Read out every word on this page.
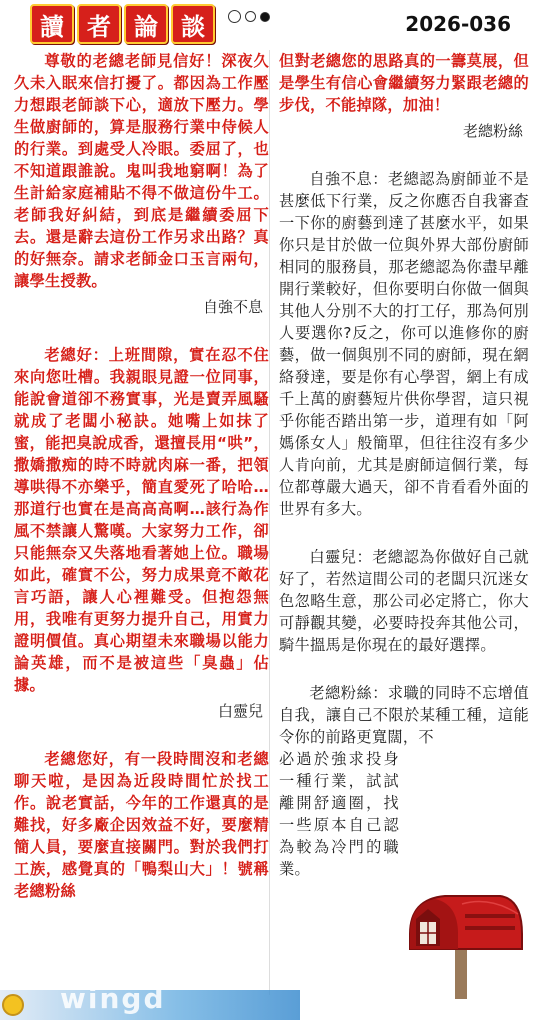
讀 者 論 談	2026-036

尊敬的老總老師見信好！深夜久久未入眠來信打擾了。都因為工作壓力想跟老師談下心，適放下壓力。學生做廚師的，算是服務行業中侍候人的行業。到處受人冷眼。委屈了，也不知道跟誰說。鬼叫我地窮啊！為了生計給家庭補貼不得不做這份牛工。老師我好糾結，到底是繼續委屈下去。還是辭去這份工作另求出路？真的好無奈。請求老師金口玉言兩句，讓學生授教。

自強不息

老總好：上班間隙，實在忍不住來向您吐槽。我親眼見證一位同事，能說會道卻不務實事，光是賣弄風騷就成了老闆小秘訣。她嘴上如抹了蜜，能把臭說成香，還擅長用“哄”，撒嬌撒痴的時不時就肉麻一番，把領導哄得不亦樂乎，簡直愛死了哈哈…那道行也實在是高高高啊…該行為作風不禁讓人驚嘆。大家努力工作，卻只能無奈又失落地看著她上位。職場如此，確實不公，努力成果竟不敵花言巧語，讓人心裡難受。但抱怨無用，我唯有更努力提升自己，用實力證明價值。真心期望未來職場以能力論英雄，而不是被這些「臭蟲」佔據。

白靈兒

老總您好，有一段時間沒和老總聊天啦，是因為近段時間忙於找工作。說老實話，今年的工作還真的是難找，好多廠企因效益不好，要麼精簡人員，要麼直接關門。對於我們打工族，感覺真的「鴨梨山大」！號稱老總粉絲

但對老總您的思路真的一籌莫展，但是學生有信心會繼續努力緊跟老總的步伐，不能掉隊，加油！

老總粉絲

自強不息：老總認為廚師並不是甚麼低下行業，反之你應否自我審查一下你的廚藝到達了甚麼水平，如果你只是甘於做一位與外界大部份廚師相同的服務員，那老總認為你盡早離開行業較好，但你要明白你做一個與其他人分別不大的打工仔，那為何別人要選你?反之，你可以進修你的廚藝，做一個與別不同的廚師，現在網絡發達，要是你有心學習，網上有成千上萬的廚藝短片供你學習，這只視乎你能否踏出第一步，道理有如「阿媽係女人」般簡單，但往往沒有多少人肯向前，尤其是廚師這個行業，每位都尊嚴大過天，卻不肯看看外面的世界有多大。

白靈兒：老總認為你做好自己就好了，若然這間公司的老闆只沉迷女色忽略生意，那公司必定將亡，你大可靜觀其變，必要時投奔其他公司，騎牛搵馬是你現在的最好選擇。

老總粉絲：求職的同時不忘增值自我，讓自己不限於某種工種，這能令你的前路更寬闊，不

必過於強求投身一種行業，試試離開舒適圈，找一些原本自己認為較為冷門的職業。

wingd
